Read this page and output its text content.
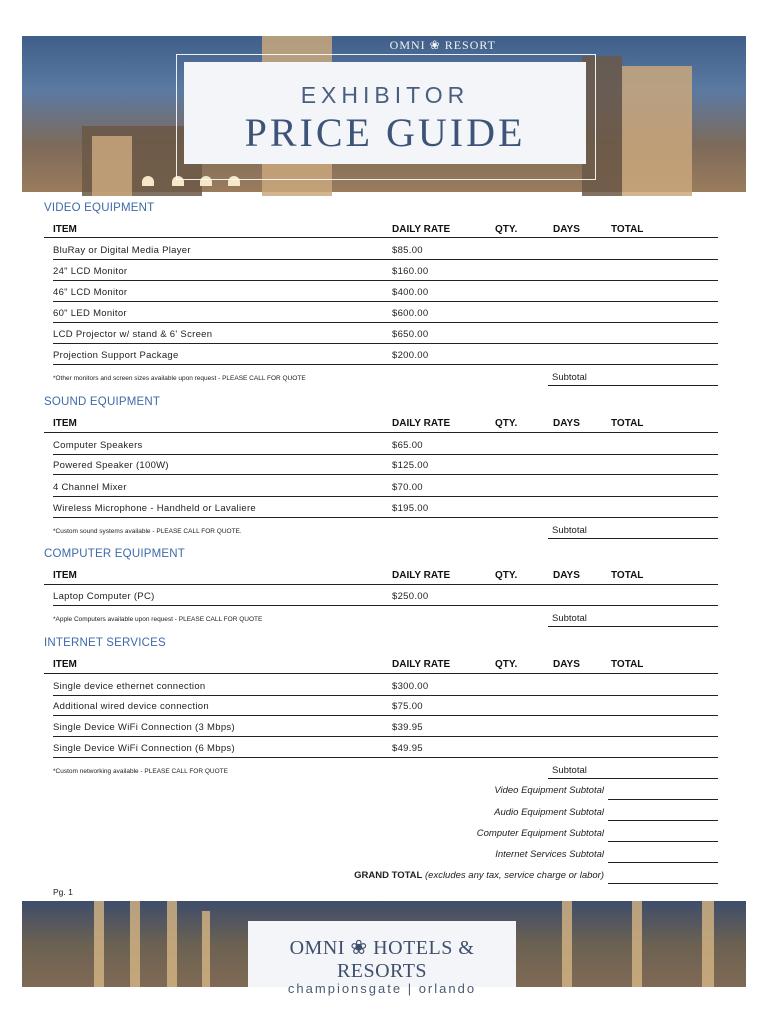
OMNI ❀ RESORT
EXHIBITOR
PRICE GUIDE
VIDEO EQUIPMENT
ITEM	DAILY RATE	QTY.	DAYS	TOTAL
BluRay or Digital Media Player	$85.00
24" LCD Monitor	$160.00
46" LCD Monitor	$400.00
60" LED Monitor	$600.00
LCD Projector w/ stand & 6' Screen	$650.00
Projection Support Package	$200.00
*Other monitors and screen sizes available upon request - PLEASE CALL FOR QUOTE	Subtotal
SOUND EQUIPMENT
ITEM	DAILY RATE	QTY.	DAYS	TOTAL
Computer Speakers	$65.00
Powered Speaker (100W)	$125.00
4 Channel Mixer	$70.00
Wireless Microphone - Handheld or Lavaliere	$195.00
*Custom sound systems available - PLEASE CALL FOR QUOTE.	Subtotal
COMPUTER EQUIPMENT
ITEM	DAILY RATE	QTY.	DAYS	TOTAL
Laptop Computer (PC)	$250.00
*Apple Computers available upon request - PLEASE CALL FOR QUOTE	Subtotal
INTERNET SERVICES
ITEM	DAILY RATE	QTY.	DAYS	TOTAL
Single device ethernet connection	$300.00
Additional wired device connection	$75.00
Single Device WiFi Connection (3 Mbps)	$39.95
Single Device WiFi Connection (6 Mbps)	$49.95
*Custom networking available - PLEASE CALL FOR QUOTE	Subtotal
Video Equipment Subtotal
Audio Equipment Subtotal
Computer Equipment Subtotal
Internet Services Subtotal
GRAND TOTAL (excludes any tax, service charge or labor)
Pg. 1
OMNI ❀ HOTELS & RESORTS
championsgate | orlando
